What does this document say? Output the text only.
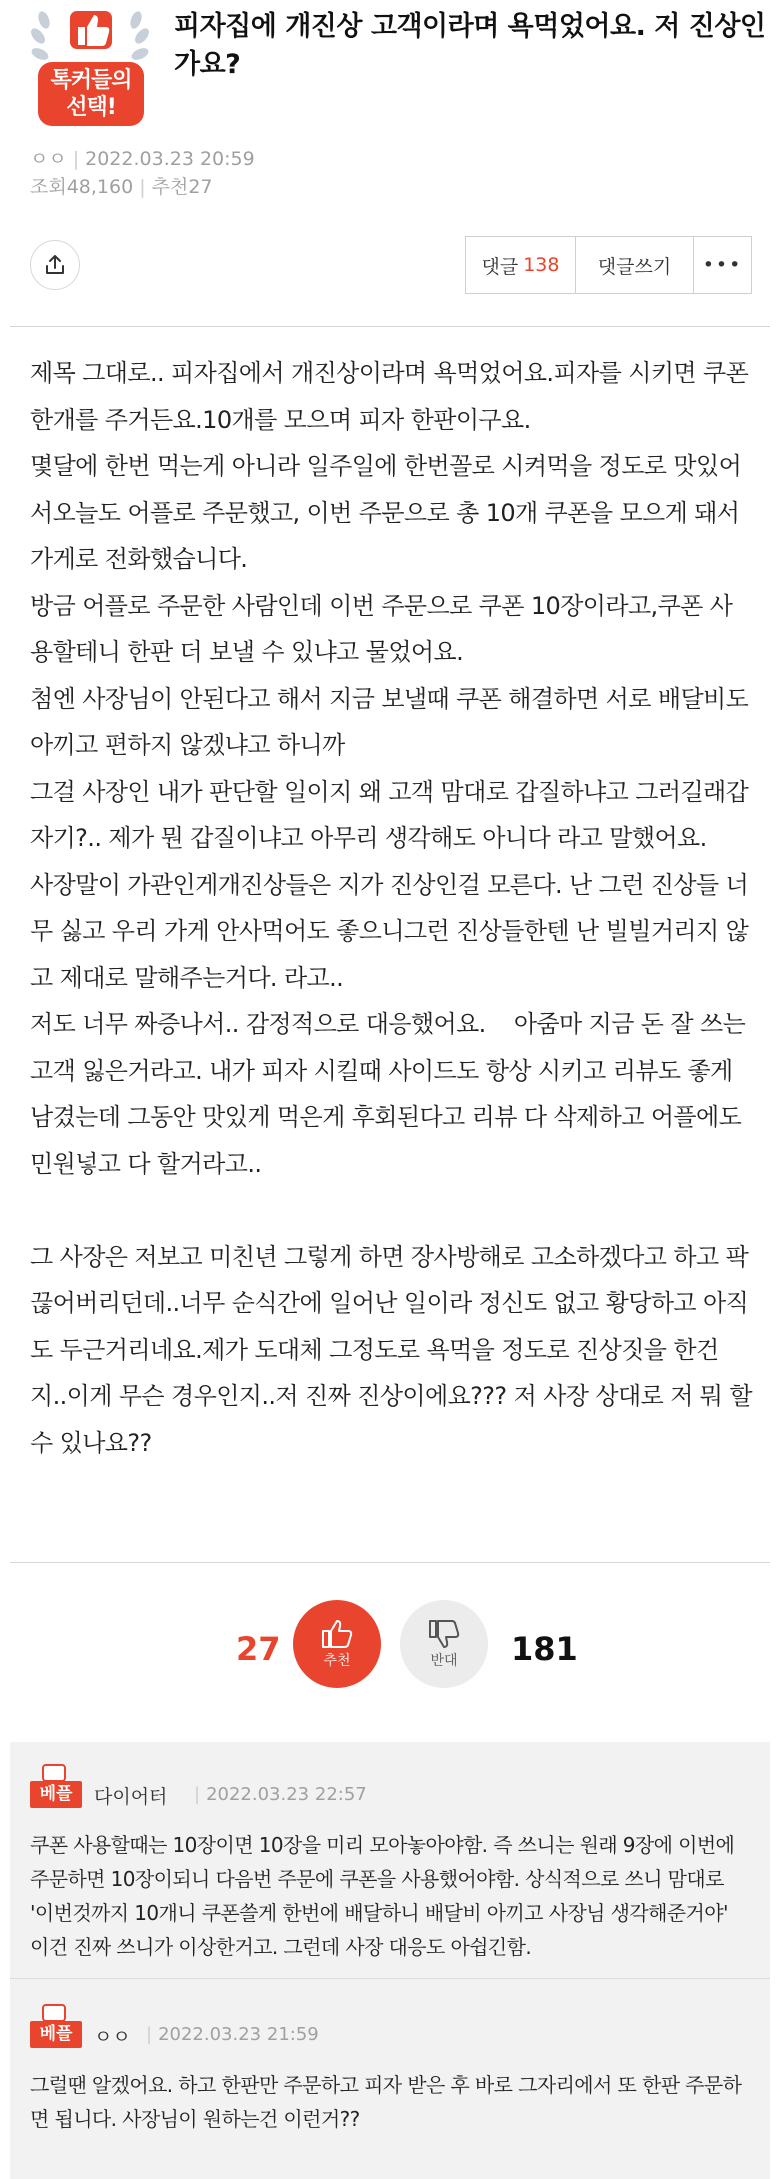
톡커들의
선택!
피자집에 개진상 고객이라며 욕먹었어요. 저 진상인가요?
ㅇㅇ | 2022.03.23 20:59
조회48,160 | 추천27
댓글 138	댓글쓰기	•••

제목 그대로.. 피자집에서 개진상이라며 욕먹었어요.피자를 시키면 쿠폰 한개를 주거든요.10개를 모으며 피자 한판이구요.

몇달에 한번 먹는게 아니라 일주일에 한번꼴로 시켜먹을 정도로 맛있어서오늘도 어플로 주문했고, 이번 주문으로 총 10개 쿠폰을 모으게 돼서 가게로 전화했습니다.

방금 어플로 주문한 사람인데 이번 주문으로 쿠폰 10장이라고,쿠폰 사용할테니 한판 더 보낼 수 있냐고 물었어요.

첨엔 사장님이 안된다고 해서 지금 보낼때 쿠폰 해결하면 서로 배달비도 아끼고 편하지 않겠냐고 하니까

그걸 사장인 내가 판단할 일이지 왜 고객 맘대로 갑질하냐고 그러길래갑자기?.. 제가 뭔 갑질이냐고 아무리 생각해도 아니다 라고 말했어요.

사장말이 가관인게개진상들은 지가 진상인걸 모른다. 난 그런 진상들 너무 싫고 우리 가게 안사먹어도 좋으니그런 진상들한텐 난 빌빌거리지 않고 제대로 말해주는거다. 라고..

저도 너무 짜증나서.. 감정적으로 대응했어요.    아줌마 지금 돈 잘 쓰는 고객 잃은거라고. 내가 피자 시킬때 사이드도 항상 시키고 리뷰도 좋게 남겼는데 그동안 맛있게 먹은게 후회된다고 리뷰 다 삭제하고 어플에도 민원넣고 다 할거라고..

그 사장은 저보고 미친년 그렇게 하면 장사방해로 고소하겠다고 하고 팍 끊어버리던데..너무 순식간에 일어난 일이라 정신도 없고 황당하고 아직도 두근거리네요.제가 도대체 그정도로 욕먹을 정도로 진상짓을 한건지..이게 무슨 경우인지..저 진짜 진상이에요??? 저 사장 상대로 저 뭐 할 수 있나요??

27	추천	반대 181
베플	다이어터	| 2022.03.23 22:57
쿠폰 사용할때는 10장이면 10장을 미리 모아놓아야함. 즉 쓰니는 원래 9장에 이번에 주문하면 10장이되니 다음번 주문에 쿠폰을 사용했어야함. 상식적으로 쓰니 맘대로 '이번것까지 10개니 쿠폰쓸게 한번에 배달하니 배달비 아끼고 사장님 생각해준거야' 이건 진짜 쓰니가 이상한거고. 그런데 사장 대응도 아쉽긴함.
베플	ㅇㅇ | 2022.03.23 21:59
그럴땐 알겠어요. 하고 한판만 주문하고 피자 받은 후 바로 그자리에서 또 한판 주문하면 됩니다. 사장님이 원하는건 이런거??
